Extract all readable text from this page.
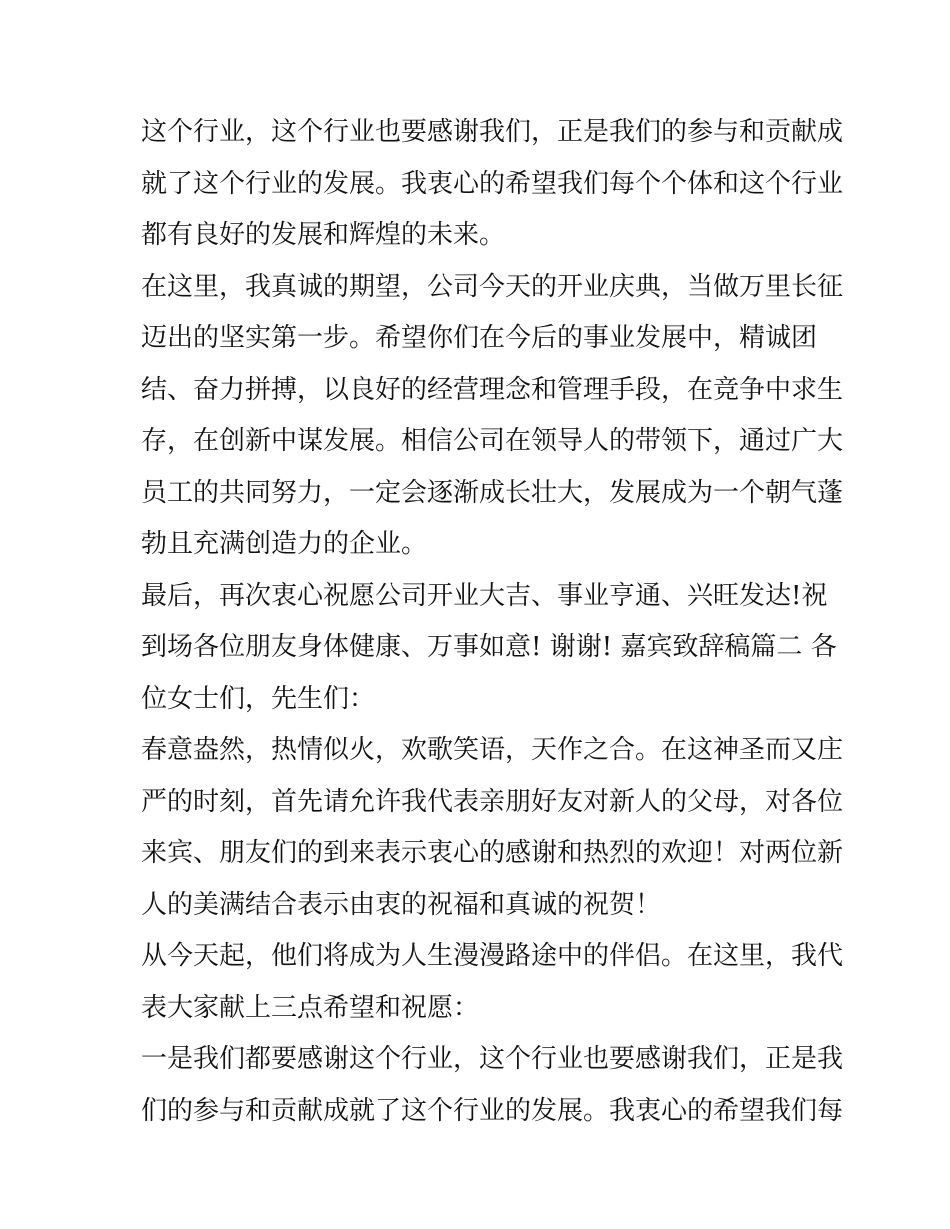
这个行业，这个行业也要感谢我们，正是我们的参与和贡献成
就了这个行业的发展。我衷心的希望我们每个个体和这个行业
都有良好的发展和辉煌的未来。
在这里，我真诚的期望，公司今天的开业庆典，当做万里长征
迈出的坚实第一步。希望你们在今后的事业发展中，精诚团
结、奋力拼搏，以良好的经营理念和管理手段，在竞争中求生
存，在创新中谋发展。相信公司在领导人的带领下，通过广大
员工的共同努力，一定会逐渐成长壮大，发展成为一个朝气蓬
勃且充满创造力的企业。
最后，再次衷心祝愿公司开业大吉、事业亨通、兴旺发达!祝
到场各位朋友身体健康、万事如意! 谢谢! 嘉宾致辞稿篇二 各
位女士们，先生们：
春意盎然，热情似火，欢歌笑语，天作之合。在这神圣而又庄
严的时刻，首先请允许我代表亲朋好友对新人的父母，对各位
来宾、朋友们的到来表示衷心的感谢和热烈的欢迎！对两位新
人的美满结合表示由衷的祝福和真诚的祝贺！
从今天起，他们将成为人生漫漫路途中的伴侣。在这里，我代
表大家献上三点希望和祝愿：
一是我们都要感谢这个行业，这个行业也要感谢我们，正是我
们的参与和贡献成就了这个行业的发展。我衷心的希望我们每
